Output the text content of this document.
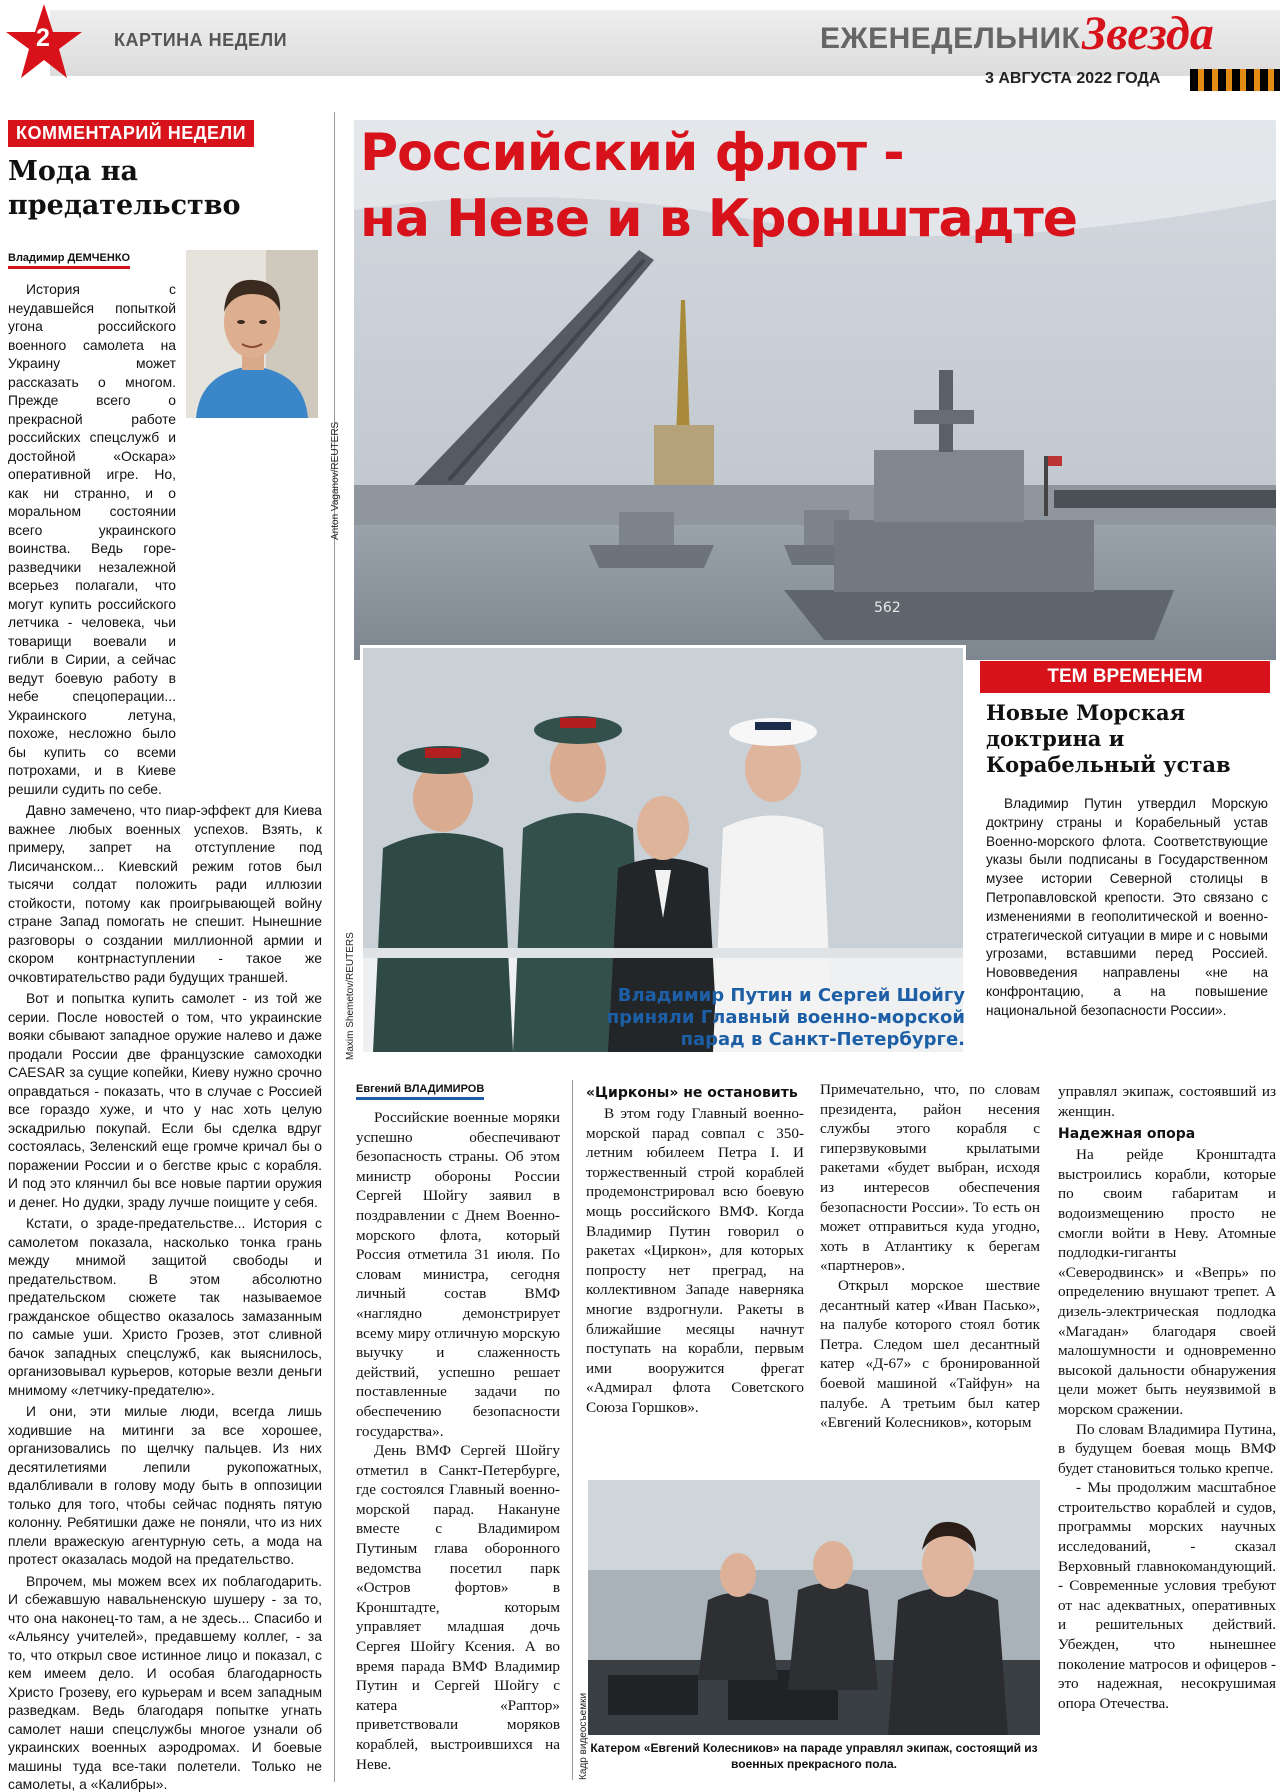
2	КАРТИНА НЕДЕЛИ	ЕЖЕНЕДЕЛЬНИК Звезда
3 АВГУСТА 2022 ГОДА
КОММЕНТАРИЙ НЕДЕЛИ
Мода на предательство
Владимир ДЕМЧЕНКО

История с неудавшейся попыткой угона российского военного самолета на Украину может рассказать о многом. Прежде всего о прекрасной работе российских спецслужб и достойной «Оскара» оперативной игре. Но, как ни странно, и о моральном состоянии всего украинского воинства. Ведь горе-разведчики незалежной всерьез полагали, что могут купить российского летчика - человека, чьи товарищи воевали и гибли в Сирии, а сейчас ведут боевую работу в небе спецоперации... Украинского летуна, похоже, несложно было бы купить со всеми потрохами, и в Киеве решили судить по себе.

Давно замечено, что пиар-эффект для Киева важнее любых военных успехов. Взять, к примеру, запрет на отступление под Лисичанском... Киевский режим готов был тысячи солдат положить ради иллюзии стойкости, потому как проигрывающей войну стране Запад помогать не спешит. Нынешние разговоры о создании миллионной армии и скором контрнаступлении - такое же очковтирательство ради будущих траншей.

Вот и попытка купить самолет - из той же серии. После новостей о том, что украинские вояки сбывают западное оружие налево и даже продали России две французские самоходки CAESAR за сущие копейки, Киеву нужно срочно оправдаться - показать, что в случае с Россией все гораздо хуже, и что у нас хоть целую эскадрилью покупай. Если бы сделка вдруг состоялась, Зеленский еще громче кричал бы о поражении России и о бегстве крыс с корабля. И под это клянчил бы все новые партии оружия и денег. Но дудки, зраду лучше поищите у себя.

Кстати, о зраде-предательстве... История с самолетом показала, насколько тонка грань между мнимой защитой свободы и предательством. В этом абсолютно предательском сюжете так называемое гражданское общество оказалось замазанным по самые уши. Христо Грозев, этот сливной бачок западных спецслужб, как выяснилось, организовывал курьеров, которые везли деньги мнимому «летчику-предателю».

И они, эти милые люди, всегда лишь ходившие на митинги за все хорошее, организовались по щелчку пальцев. Из них десятилетиями лепили рукопожатных, вдалбливали в голову моду быть в оппозиции только для того, чтобы сейчас поднять пятую колонну. Ребятишки даже не поняли, что из них плели вражескую агентурную сеть, а мода на протест оказалась модой на предательство.

Впрочем, мы можем всех их поблагодарить. И сбежавшую навальненскую шушеру - за то, что она наконец-то там, а не здесь... Спасибо и «Альянсу учителей», предавшему коллег, - за то, что открыл свое истинное лицо и показал, с кем имеем дело. И особая благодарность Христо Грозеву, его курьерам и всем западным разведкам. Ведь благодаря попытке угнать самолет наши спецслужбы многое узнали об украинских военных аэродромах. И боевые машины туда все-таки полетели. Только не самолеты, а «Калибры».

562
Российский флот -
на Неве и в Кронштадте
Anton Vaganov/REUTERS
Maxim Shemetov/REUTERS	Владимир Путин и Сергей Шойгу приняли Главный военно-морской парад в Санкт-Петербурге.
ТЕМ ВРЕМЕНЕМ
Новые Морская доктрина и Корабельный устав

Владимир Путин утвердил Морскую доктрину страны и Корабельный устав Военно-морского флота. Соответствующие указы были подписаны в Государственном музее истории Северной столицы в Петропавловской крепости. Это связано с изменениями в геополитической и военно-стратегической ситуации в мире и с новыми угрозами, вставшими перед Россией. Нововведения направлены «не на конфронтацию, а на повышение национальной безопасности России».

Евгений ВЛАДИМИРОВ

Российские военные моряки успешно обеспечивают безопасность страны. Об этом министр обороны России Сергей Шойгу заявил в поздравлении с Днем Военно-морского флота, который Россия отметила 31 июля. По словам министра, сегодня личный состав ВМФ «наглядно демонстрирует всему миру отличную морскую выучку и слаженность действий, успешно решает поставленные задачи по обеспечению безопасности государства».

День ВМФ Сергей Шойгу отметил в Санкт-Петербурге, где состоялся Главный военно-морской парад. Накануне вместе с Владимиром Путиным глава оборонного ведомства посетил парк «Остров фортов» в Кронштадте, которым управляет младшая дочь Сергея Шойгу Ксения. А во время парада ВМФ Владимир Путин и Сергей Шойгу с катера «Раптор» приветствовали моряков кораблей, выстроившихся на Неве.

«Цирконы» не остановить

В этом году Главный военно-морской парад совпал с 350-летним юбилеем Петра I. И торжественный строй кораблей продемонстрировал всю боевую мощь российского ВМФ. Когда Владимир Путин говорил о ракетах «Циркон», для которых попросту нет преград, на коллективном Западе наверняка многие вздрогнули. Ракеты в ближайшие месяцы начнут поступать на корабли, первым ими вооружится фрегат «Адмирал флота Советского Союза Горшков».

Примечательно, что, по словам президента, район несения службы этого корабля с гиперзвуковыми крылатыми ракетами «будет выбран, исходя из интересов обеспечения безопасности России». То есть он может отправиться куда угодно, хоть в Атлантику к берегам «партнеров».

Открыл морское шествие десантный катер «Иван Пасько», на палубе которого стоял ботик Петра. Следом шел десантный катер «Д-67» с бронированной боевой машиной «Тайфун» на палубе. А третьим был катер «Евгений Колесников», которым

управлял экипаж, состоявший из женщин.

Надежная опора

На рейде Кронштадта выстроились корабли, которые по своим габаритам и водоизмещению просто не смогли войти в Неву. Атомные подлодки-гиганты «Северодвинск» и «Вепрь» по определению внушают трепет. А дизель-электрическая подлодка «Магадан» благодаря своей малошумности и одновременно высокой дальности обнаружения цели может быть неуязвимой в морском сражении.

По словам Владимира Путина, в будущем боевая мощь ВМФ будет становиться только крепче.

- Мы продолжим масштабное строительство кораблей и судов, программы морских научных исследований, - сказал Верховный главнокомандующий. - Современные условия требуют от нас адекватных, оперативных и решительных действий. Убежден, что нынешнее поколение матросов и офицеров - это надежная, несокрушимая опора Отечества.

Кадр видеосъемки Катером «Евгений Колесников» на параде управлял экипаж, состоящий из военных прекрасного пола.
